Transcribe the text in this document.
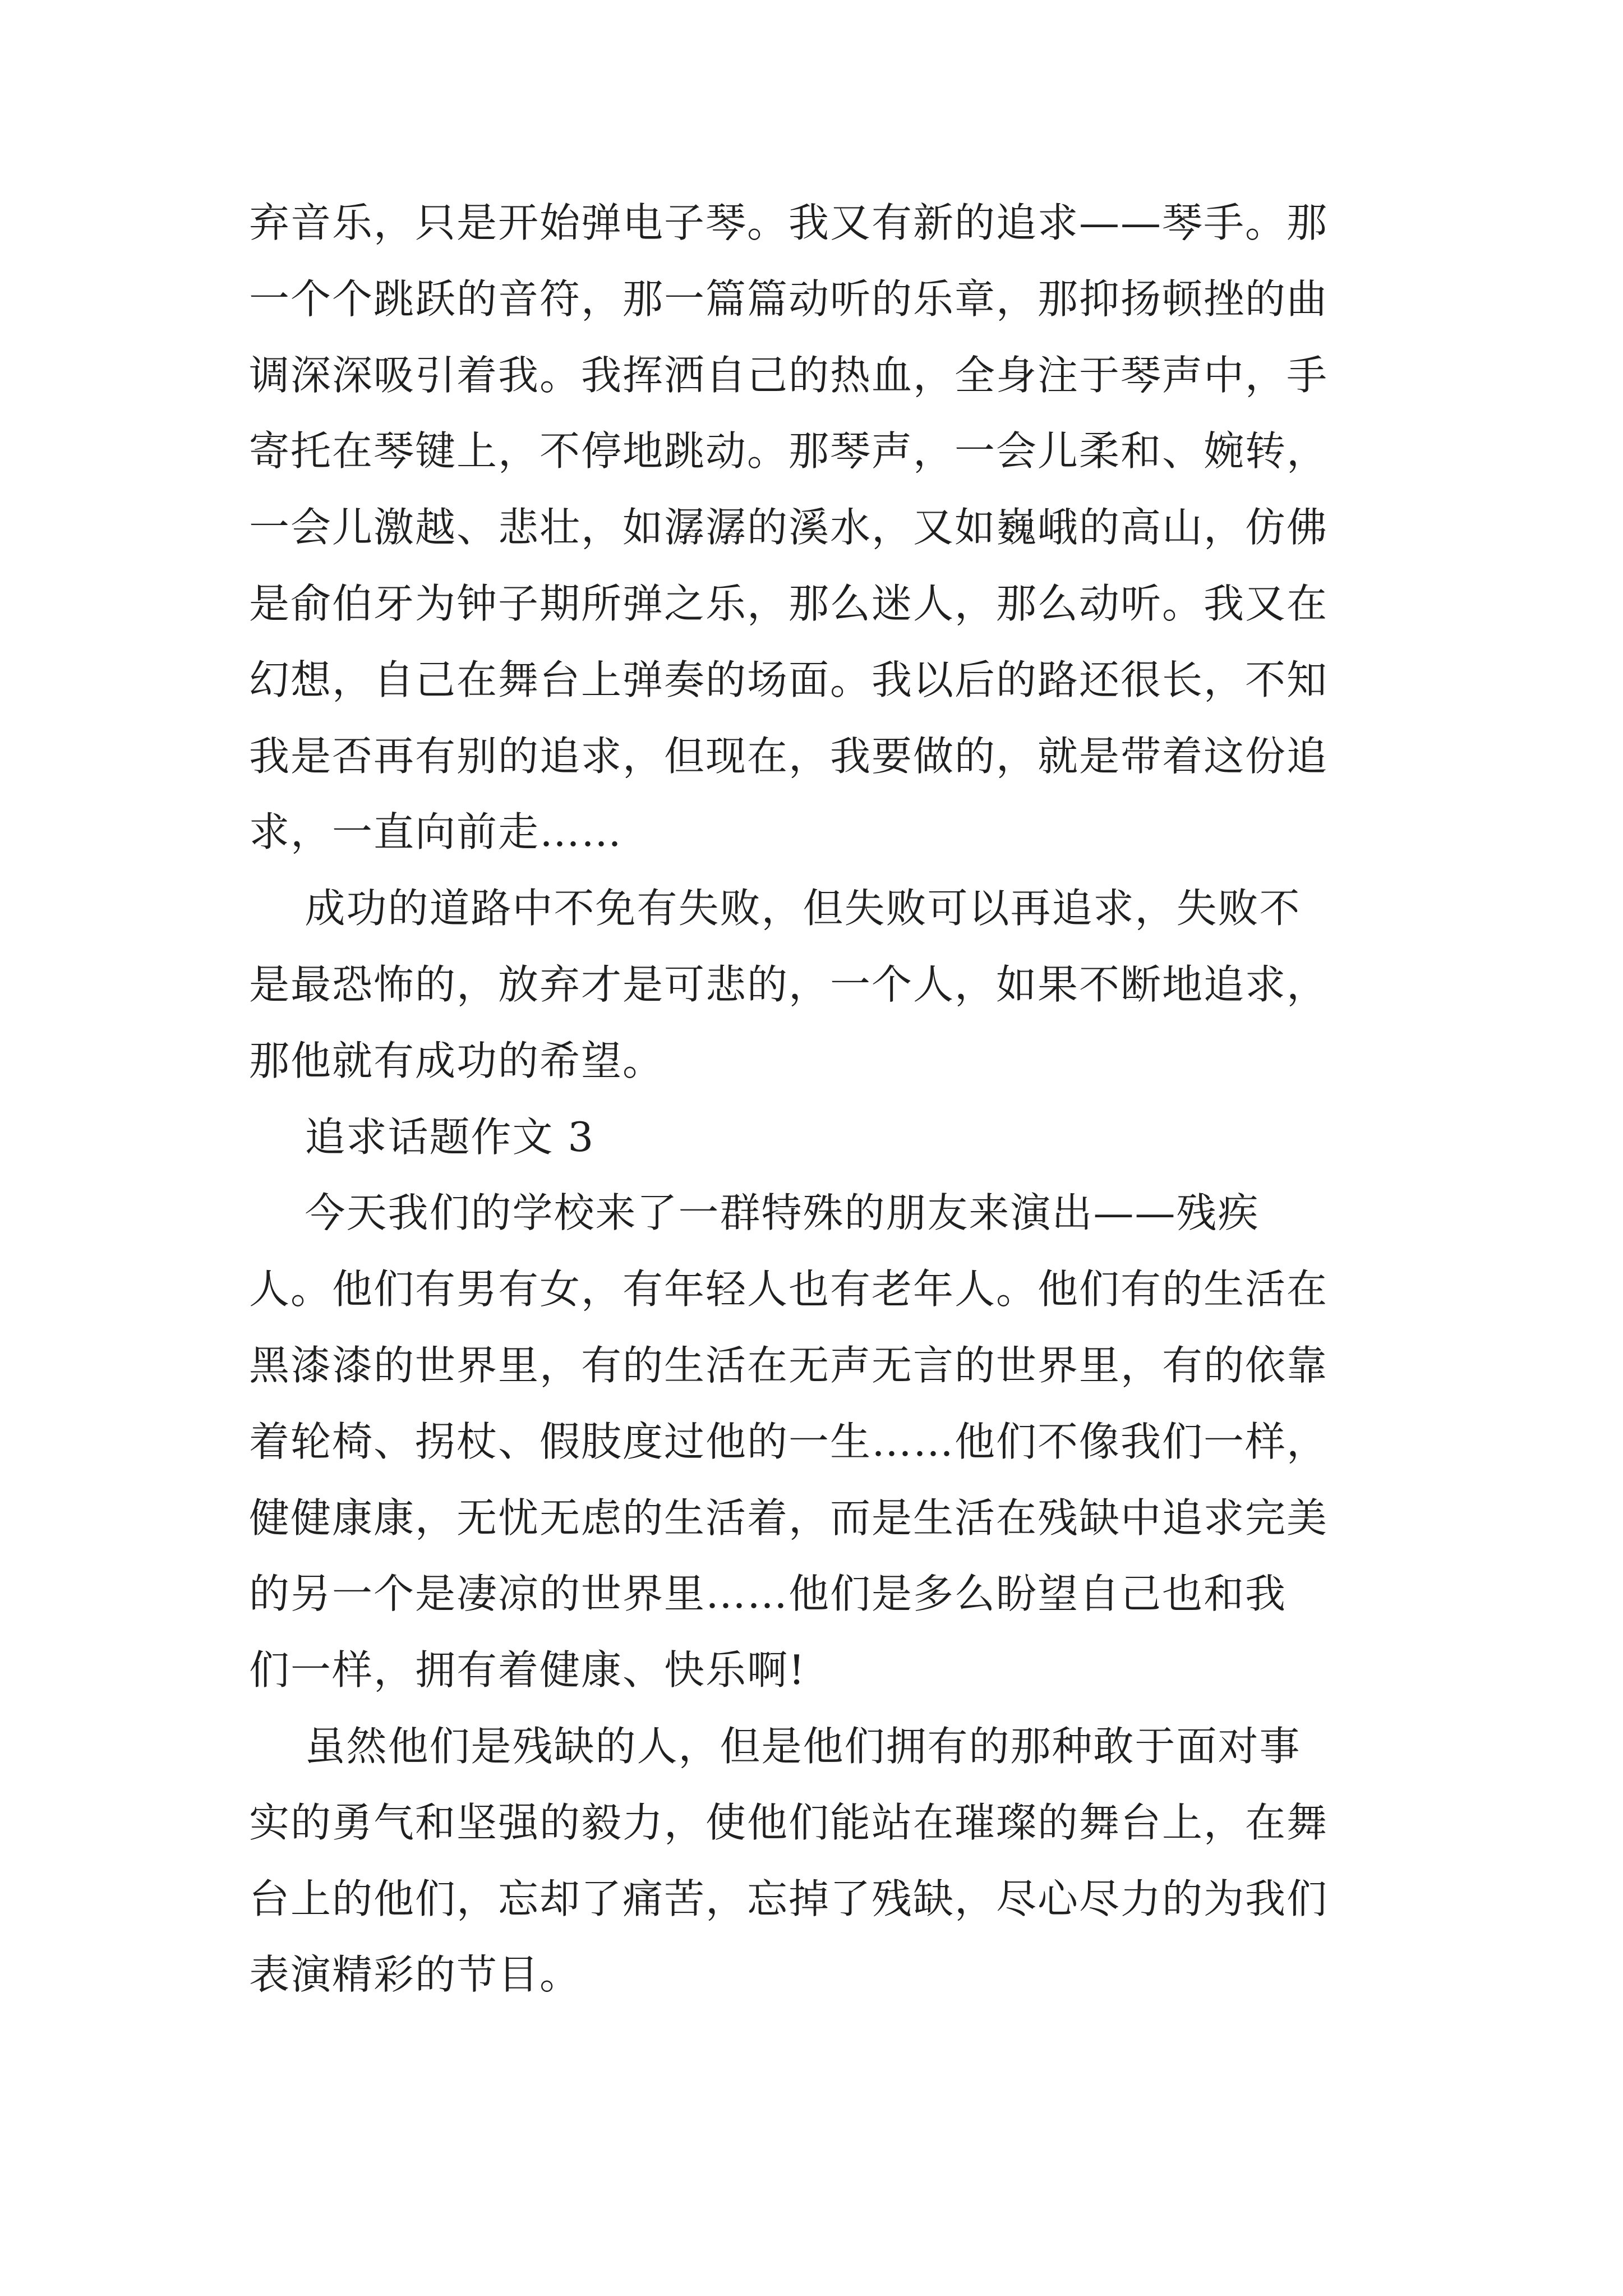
弃音乐，只是开始弹电子琴。我又有新的追求——琴手。那

一个个跳跃的音符，那一篇篇动听的乐章，那抑扬顿挫的曲

调深深吸引着我。我挥洒自己的热血，全身注于琴声中，手

寄托在琴键上，不停地跳动。那琴声，一会儿柔和、婉转，

一会儿激越、悲壮，如潺潺的溪水，又如巍峨的高山，仿佛

是俞伯牙为钟子期所弹之乐，那么迷人，那么动听。我又在

幻想，自己在舞台上弹奏的场面。我以后的路还很长，不知

我是否再有别的追求，但现在，我要做的，就是带着这份追

求，一直向前走……

成功的道路中不免有失败，但失败可以再追求，失败不

是最恐怖的，放弃才是可悲的，一个人，如果不断地追求，

那他就有成功的希望。

追求话题作文 3

今天我们的学校来了一群特殊的朋友来演出——残疾

人。他们有男有女，有年轻人也有老年人。他们有的生活在

黑漆漆的世界里，有的生活在无声无言的世界里，有的依靠

着轮椅、拐杖、假肢度过他的一生……他们不像我们一样，

健健康康，无忧无虑的生活着，而是生活在残缺中追求完美

的另一个是凄凉的世界里……他们是多么盼望自己也和我

们一样，拥有着健康、快乐啊!

虽然他们是残缺的人，但是他们拥有的那种敢于面对事

实的勇气和坚强的毅力，使他们能站在璀璨的舞台上，在舞

台上的他们，忘却了痛苦，忘掉了残缺，尽心尽力的为我们

表演精彩的节目。
